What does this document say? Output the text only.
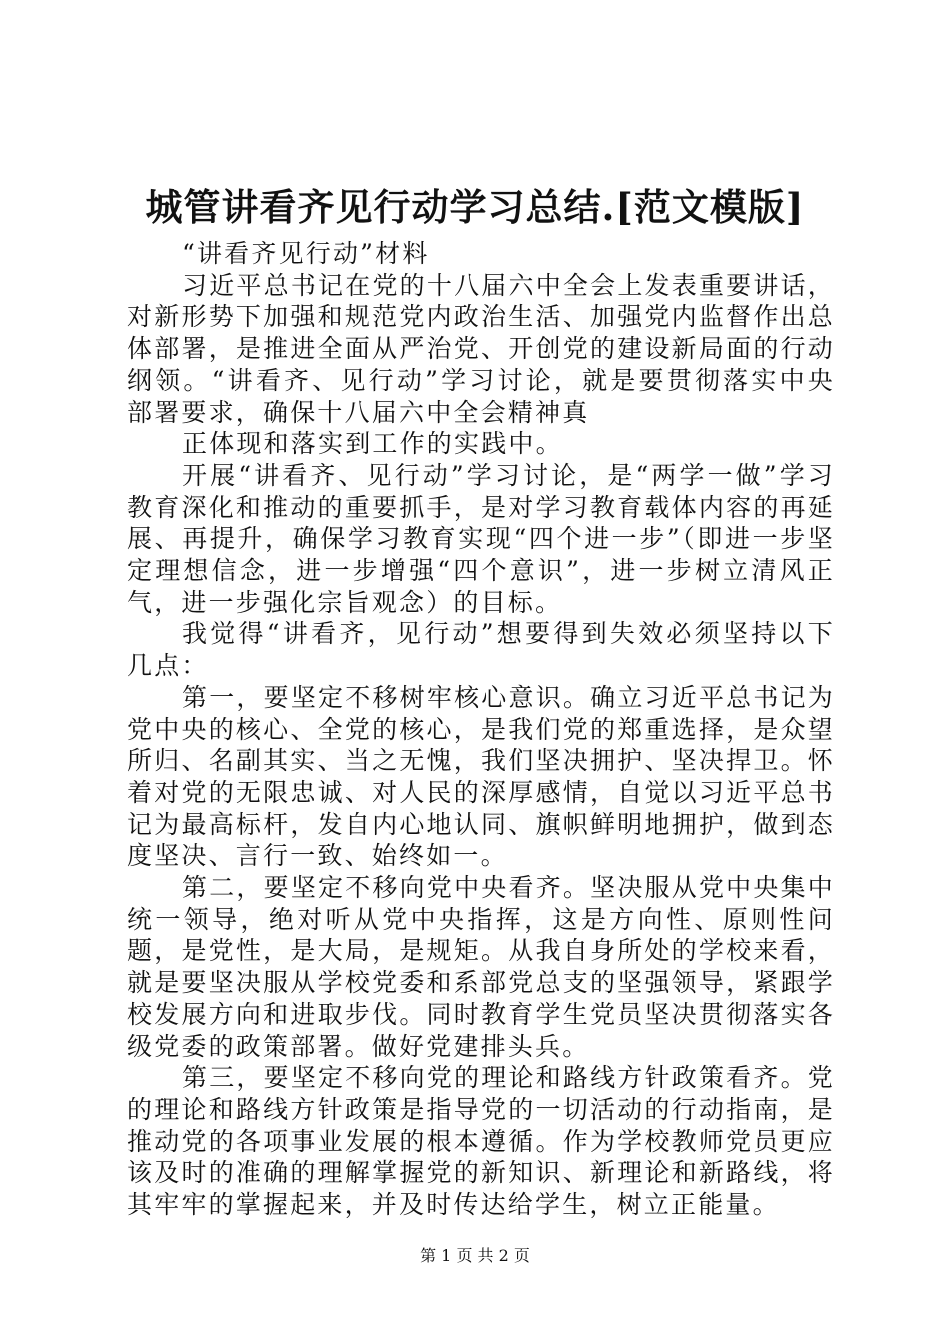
城管讲看齐见行动学习总结.[范文模版]

“讲看齐见行动”材料

习近平总书记在党的十八届六中全会上发表重要讲话，对新形势下加强和规范党内政治生活、加强党内监督作出总体部署，是推进全面从严治党、开创党的建设新局面的行动纲领。“讲看齐、见行动”学习讨论，就是要贯彻落实中央部署要求，确保十八届六中全会精神真

正体现和落实到工作的实践中。

开展“讲看齐、见行动”学习讨论，是“两学一做”学习教育深化和推动的重要抓手，是对学习教育载体内容的再延展、再提升，确保学习教育实现“四个进一步”（即进一步坚定理想信念，进一步增强“四个意识”，进一步树立清风正气，进一步强化宗旨观念）的目标。

我觉得“讲看齐，见行动”想要得到失效必须坚持以下几点：

第一，要坚定不移树牢核心意识。确立习近平总书记为党中央的核心、全党的核心，是我们党的郑重选择，是众望所归、名副其实、当之无愧，我们坚决拥护、坚决捍卫。怀着对党的无限忠诚、对人民的深厚感情，自觉以习近平总书记为最高标杆，发自内心地认同、旗帜鲜明地拥护，做到态度坚决、言行一致、始终如一。

第二，要坚定不移向党中央看齐。坚决服从党中央集中统一领导，绝对听从党中央指挥，这是方向性、原则性问题，是党性，是大局，是规矩。从我自身所处的学校来看，就是要坚决服从学校党委和系部党总支的坚强领导，紧跟学校发展方向和进取步伐。同时教育学生党员坚决贯彻落实各级党委的政策部署。做好党建排头兵。

第三，要坚定不移向党的理论和路线方针政策看齐。党的理论和路线方针政策是指导党的一切活动的行动指南，是推动党的各项事业发展的根本遵循。作为学校教师党员更应该及时的准确的理解掌握党的新知识、新理论和新路线，将其牢牢的掌握起来，并及时传达给学生，树立正能量。

第 1 页 共 2 页
